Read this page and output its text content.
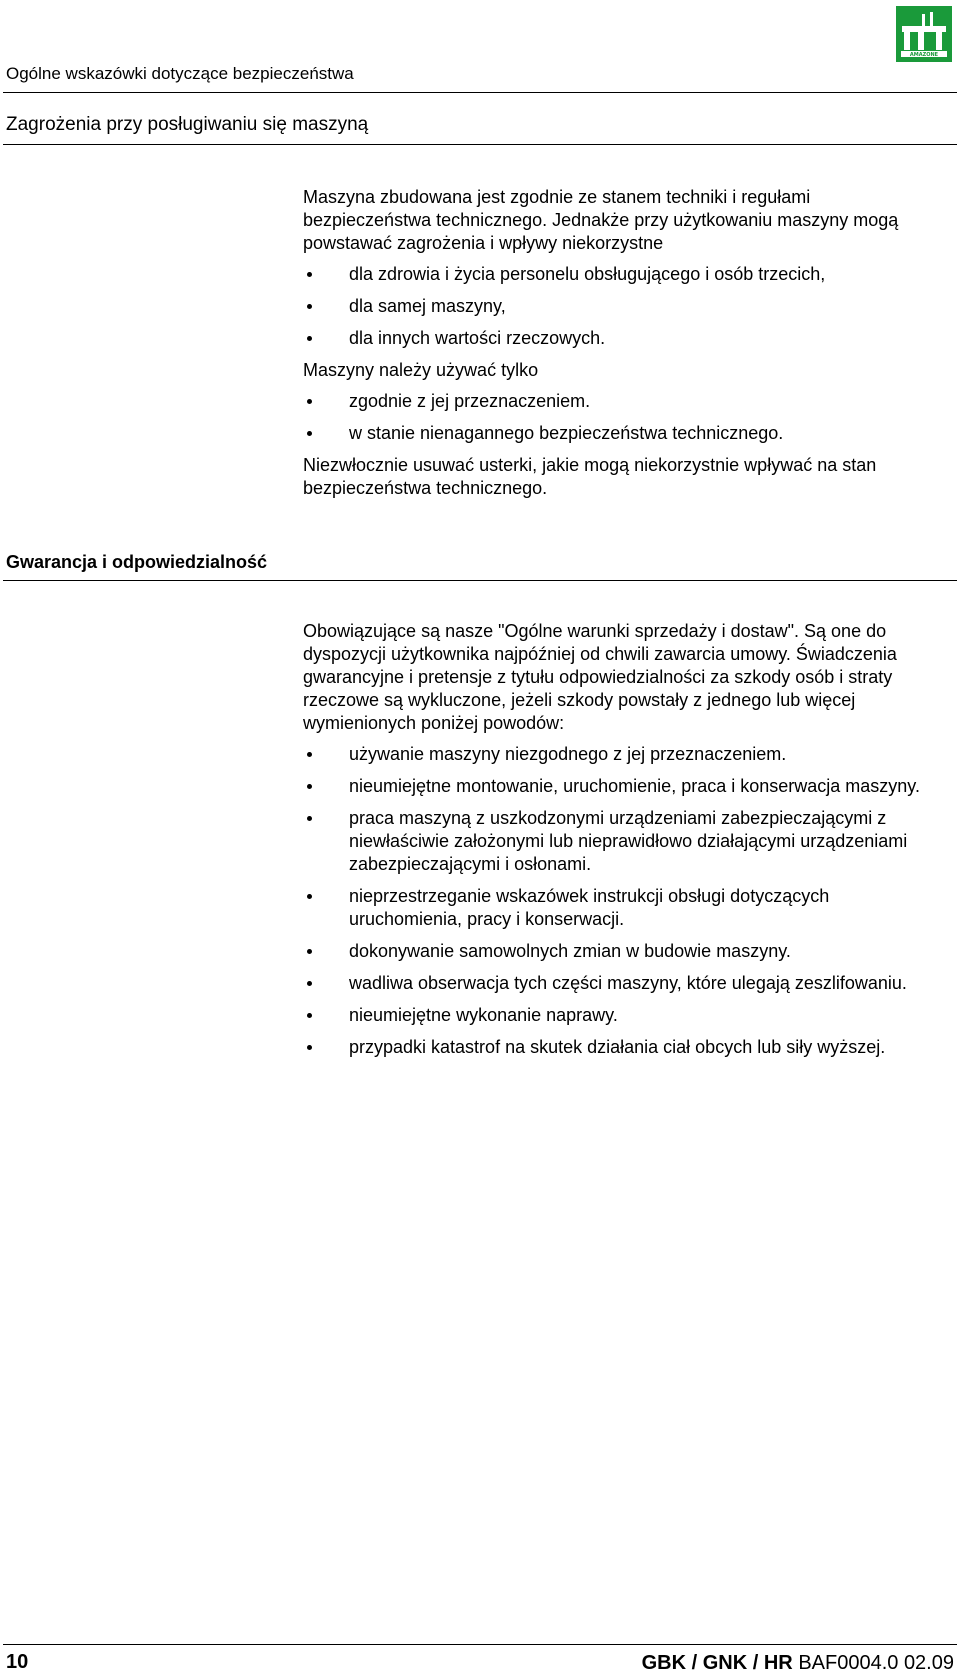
Ogólne wskazówki dotyczące bezpieczeństwa
AMAZONE
Zagrożenia przy posługiwaniu się maszyną

Maszyna zbudowana jest zgodnie ze stanem techniki i regułami bezpieczeństwa technicznego. Jednakże przy użytkowaniu maszyny mogą powstawać zagrożenia i wpływy niekorzystne

dla zdrowia i życia personelu obsługującego i osób trzecich,
dla samej maszyny,
dla innych wartości rzeczowych.

Maszyny należy używać tylko

zgodnie z jej przeznaczeniem.
w stanie nienagannego bezpieczeństwa technicznego.

Niezwłocznie usuwać usterki, jakie mogą niekorzystnie wpływać na stan bezpieczeństwa technicznego.

Gwarancja i odpowiedzialność

Obowiązujące są nasze "Ogólne warunki sprzedaży i dostaw". Są one do dyspozycji użytkownika najpóźniej od chwili zawarcia umowy. Świadczenia gwarancyjne i pretensje z tytułu odpowiedzialności za szkody osób i straty rzeczowe są wykluczone, jeżeli szkody powstały z jednego lub więcej wymienionych poniżej powodów:

używanie maszyny niezgodnego z jej przeznaczeniem.
nieumiejętne montowanie, uruchomienie, praca i konserwacja maszyny.
praca maszyną z uszkodzonymi urządzeniami zabezpieczającymi z niewłaściwie założonymi lub nieprawidłowo działającymi urządzeniami zabezpieczającymi i osłonami.
nieprzestrzeganie wskazówek instrukcji obsługi dotyczących uruchomienia, pracy i konserwacji.
dokonywanie samowolnych zmian w budowie maszyny.
wadliwa obserwacja tych części maszyny, które ulegają zeszlifowaniu.
nieumiejętne wykonanie naprawy.
przypadki katastrof na skutek działania ciał obcych lub siły wyższej.
10	GBK / GNK / HR BAF0004.0 02.09
